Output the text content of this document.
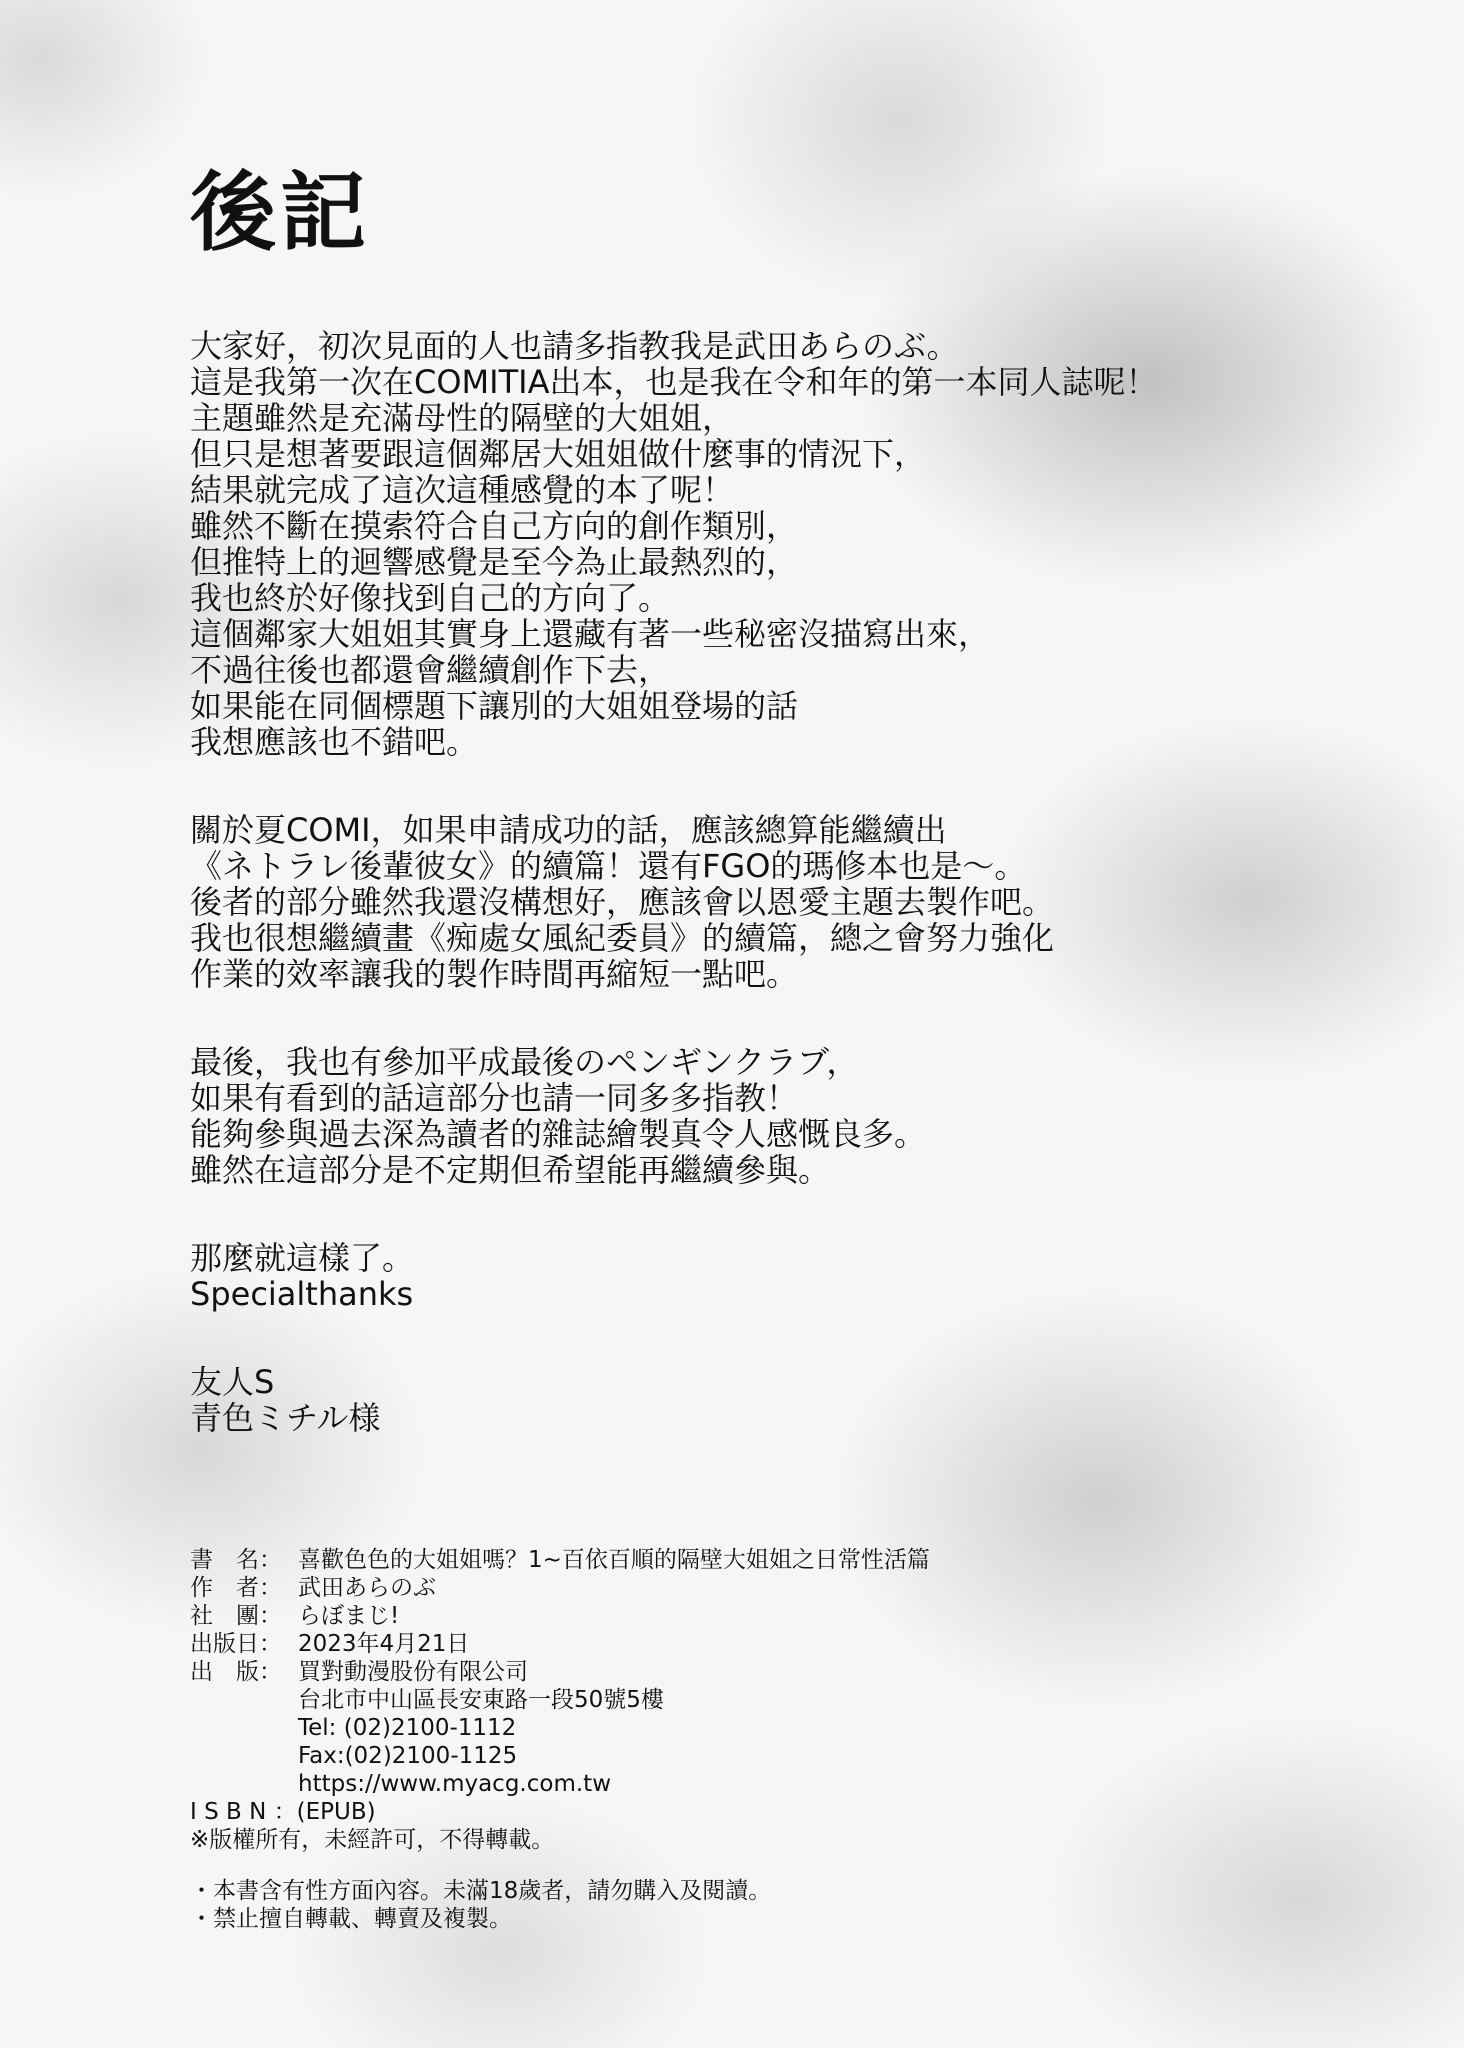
後記
大家好，初次見面的人也請多指教我是武田あらのぶ。
這是我第一次在COMITIA出本，也是我在令和年的第一本同人誌呢！
主題雖然是充滿母性的隔壁的大姐姐，
但只是想著要跟這個鄰居大姐姐做什麼事的情況下，
結果就完成了這次這種感覺的本了呢！
雖然不斷在摸索符合自己方向的創作類別，
但推特上的迴響感覺是至今為止最熱烈的，
我也終於好像找到自己的方向了。
這個鄰家大姐姐其實身上還藏有著一些秘密沒描寫出來，
不過往後也都還會繼續創作下去，
如果能在同個標題下讓別的大姐姐登場的話
我想應該也不錯吧。
關於夏COMI，如果申請成功的話，應該總算能繼續出
《ネトラレ後輩彼女》的續篇！還有FGO的瑪修本也是～。
後者的部分雖然我還沒構想好，應該會以恩愛主題去製作吧。
我也很想繼續畫《痴處女風紀委員》的續篇，總之會努力強化
作業的效率讓我的製作時間再縮短一點吧。
最後，我也有參加平成最後のペンギンクラブ，
如果有看到的話這部分也請一同多多指教！
能夠參與過去深為讀者的雜誌繪製真令人感慨良多。
雖然在這部分是不定期但希望能再繼續參與。
那麼就這樣了。
Specialthanks
友人S
青色ミチル様
書　名： 喜歡色色的大姐姐嗎？1~百依百順的隔壁大姐姐之日常性活篇
作　者： 武田あらのぶ
社　團： らぼまじ!
出版日： 2023年4月21日
出　版： 買對動漫股份有限公司
台北市中山區長安東路一段50號5樓
Tel: (02)2100-1112
Fax:(02)2100-1125
https://www.myacg.com.tw
I S B N ：(EPUB)
※版權所有，未經許可，不得轉載。
・本書含有性方面內容。未滿18歲者，請勿購入及閱讀。
・禁止擅自轉載、轉賣及複製。
